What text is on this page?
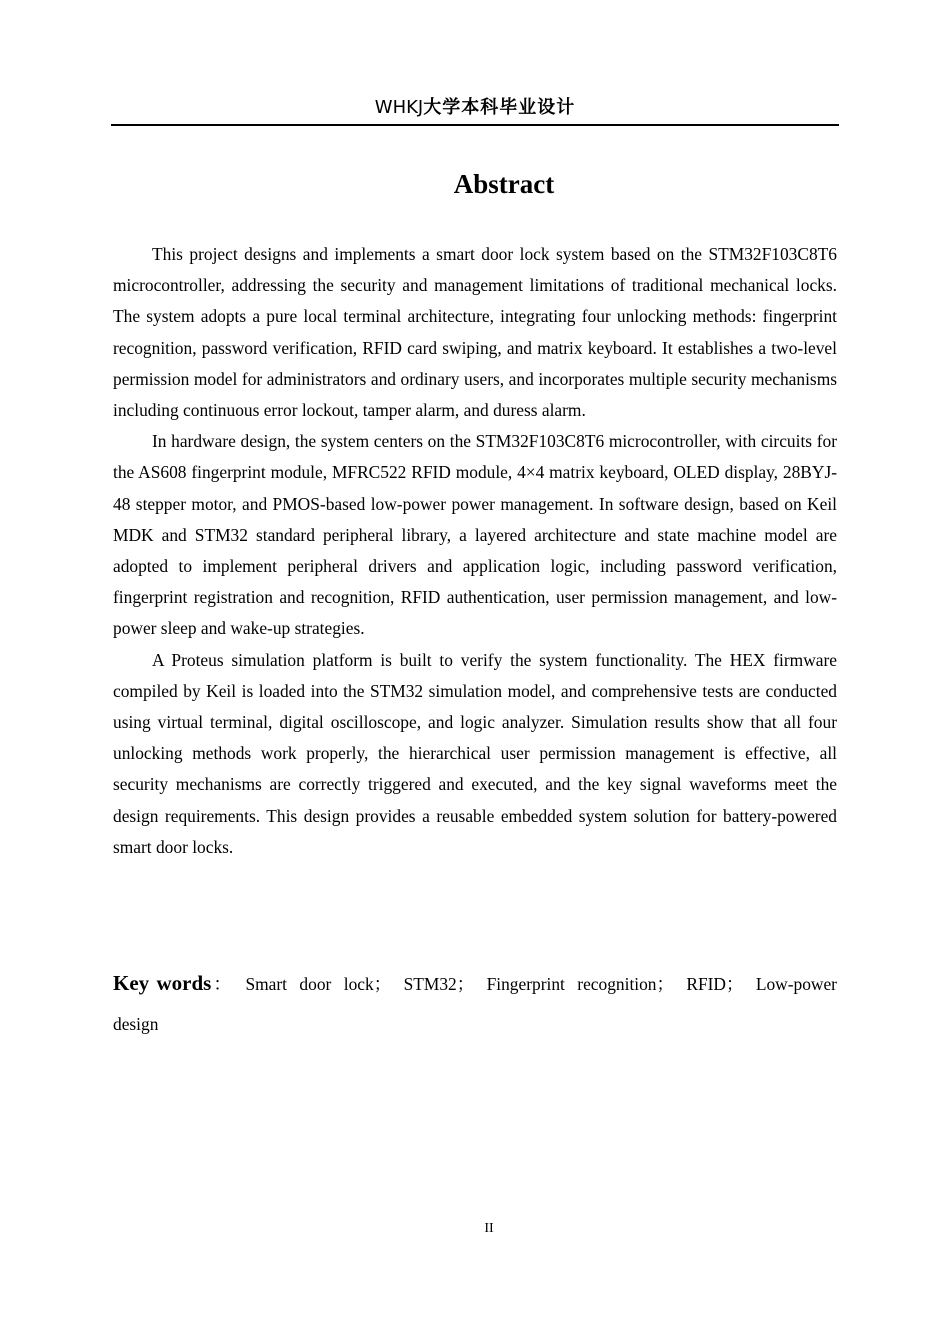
WHKJ大学本科毕业设计
Abstract

This project designs and implements a smart door lock system based on the STM32F103C8T6 microcontroller, addressing the security and management limitations of traditional mechanical locks. The system adopts a pure local terminal architecture, integrating four unlocking methods: fingerprint recognition, password verification, RFID card swiping, and matrix keyboard. It establishes a two-level permission model for administrators and ordinary users, and incorporates multiple security mechanisms including continuous error lockout, tamper alarm, and duress alarm.

In hardware design, the system centers on the STM32F103C8T6 microcontroller, with circuits for the AS608 fingerprint module, MFRC522 RFID module, 4×4 matrix keyboard, OLED display, 28BYJ-48 stepper motor, and PMOS-based low-power power management. In software design, based on Keil MDK and STM32 standard peripheral library, a layered architecture and state machine model are adopted to implement peripheral drivers and application logic, including password verification, fingerprint registration and recognition, RFID authentication, user permission management, and low-power sleep and wake-up strategies.

A Proteus simulation platform is built to verify the system functionality. The HEX firmware compiled by Keil is loaded into the STM32 simulation model, and comprehensive tests are conducted using virtual terminal, digital oscilloscope, and logic analyzer. Simulation results show that all four unlocking methods work properly, the hierarchical user permission management is effective, all security mechanisms are correctly triggered and executed, and the key signal waveforms meet the design requirements. This design provides a reusable embedded system solution for battery-powered smart door locks.

Key words： Smart door lock； STM32； Fingerprint recognition； RFID； Low-power design
II
